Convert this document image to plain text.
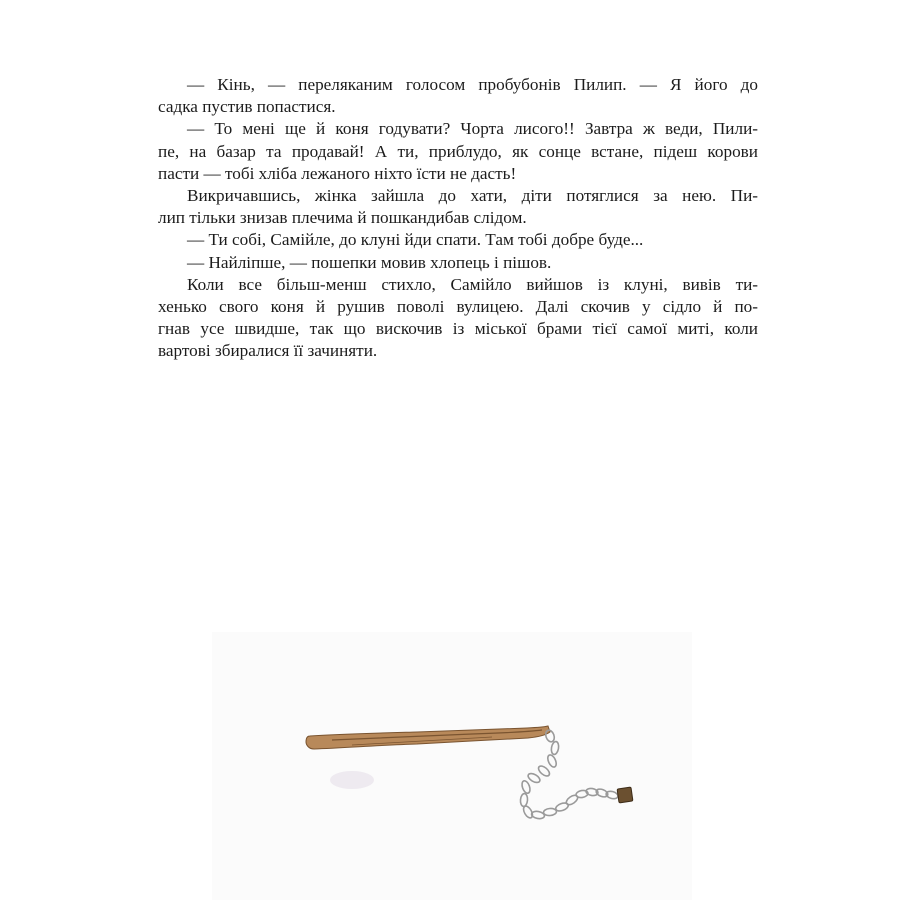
— Кінь, — переляканим голосом пробубонів Пилип. — Я його до
садка пустив попастися.

— То мені ще й коня годувати? Чорта лисого!! Завтра ж веди, Пили-
пе, на базар та продавай! А ти, приблудо, як сонце встане, підеш корови
пасти — тобі хліба лежаного ніхто їсти не дасть!

Викричавшись, жінка зайшла до хати, діти потяглися за нею. Пи-
лип тільки знизав плечима й пошкандибав слідом.

— Ти собі, Самійле, до клуні йди спати. Там тобі добре буде...

— Найліпше, — пошепки мовив хлопець і пішов.

Коли все більш-менш стихло, Самійло вийшов із клуні, вивів ти-
хенько свого коня й рушив поволі вулицею. Далі скочив у сідло й по-
гнав усе швидше, так що вискочив із міської брами тієї самої миті, коли
вартові збиралися її зачиняти.
